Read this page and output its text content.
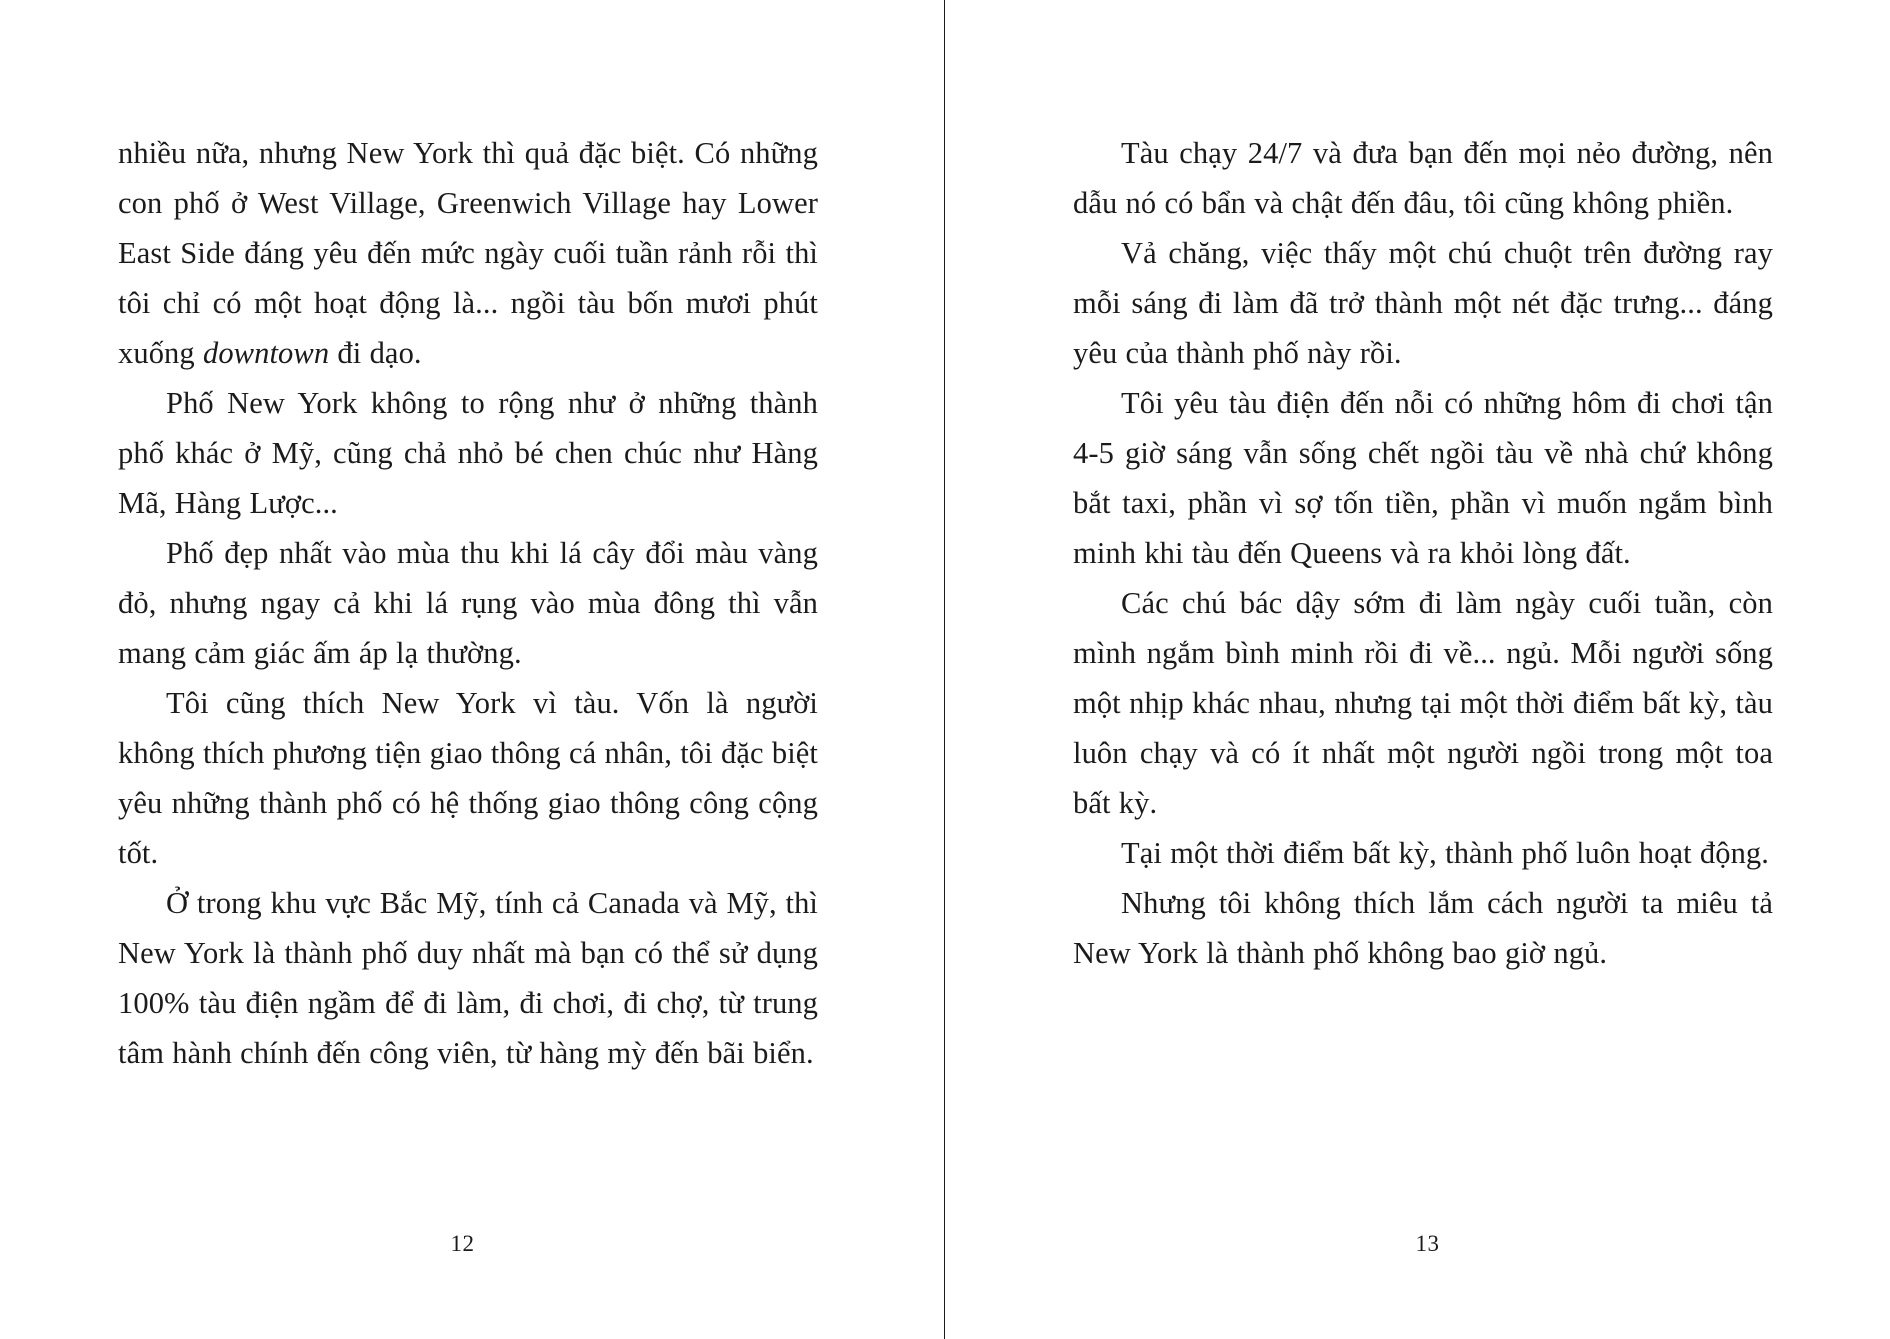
nhiều nữa, nhưng New York thì quả đặc biệt. Có những con phố ở West Village, Greenwich Village hay Lower East Side đáng yêu đến mức ngày cuối tuần rảnh rỗi thì tôi chỉ có một hoạt động là... ngồi tàu bốn mươi phút xuống downtown đi dạo.

Phố New York không to rộng như ở những thành phố khác ở Mỹ, cũng chả nhỏ bé chen chúc như Hàng Mã, Hàng Lược...

Phố đẹp nhất vào mùa thu khi lá cây đổi màu vàng đỏ, nhưng ngay cả khi lá rụng vào mùa đông thì vẫn mang cảm giác ấm áp lạ thường.

Tôi cũng thích New York vì tàu. Vốn là người không thích phương tiện giao thông cá nhân, tôi đặc biệt yêu những thành phố có hệ thống giao thông công cộng tốt.

Ở trong khu vực Bắc Mỹ, tính cả Canada và Mỹ, thì New York là thành phố duy nhất mà bạn có thể sử dụng 100% tàu điện ngầm để đi làm, đi chơi, đi chợ, từ trung tâm hành chính đến công viên, từ hàng mỳ đến bãi biển.

12

Tàu chạy 24/7 và đưa bạn đến mọi nẻo đường, nên dẫu nó có bẩn và chật đến đâu, tôi cũng không phiền.

Vả chăng, việc thấy một chú chuột trên đường ray mỗi sáng đi làm đã trở thành một nét đặc trưng... đáng yêu của thành phố này rồi.

Tôi yêu tàu điện đến nỗi có những hôm đi chơi tận 4-5 giờ sáng vẫn sống chết ngồi tàu về nhà chứ không bắt taxi, phần vì sợ tốn tiền, phần vì muốn ngắm bình minh khi tàu đến Queens và ra khỏi lòng đất.

Các chú bác dậy sớm đi làm ngày cuối tuần, còn mình ngắm bình minh rồi đi về... ngủ. Mỗi người sống một nhịp khác nhau, nhưng tại một thời điểm bất kỳ, tàu luôn chạy và có ít nhất một người ngồi trong một toa bất kỳ.

Tại một thời điểm bất kỳ, thành phố luôn hoạt động.

Nhưng tôi không thích lắm cách người ta miêu tả New York là thành phố không bao giờ ngủ.

13
